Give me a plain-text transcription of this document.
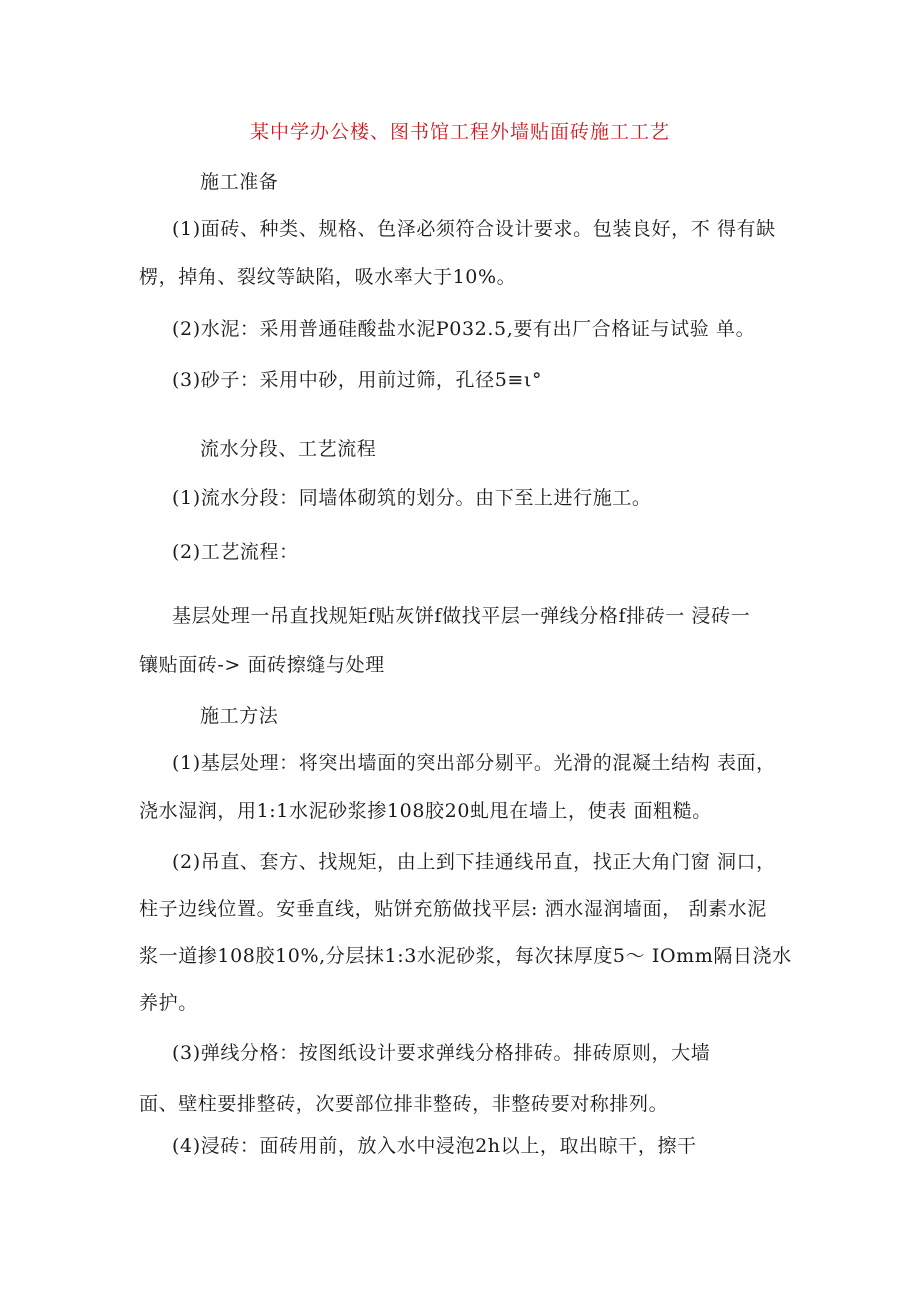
某中学办公楼、图书馆工程外墙贴面砖施工工艺
施工准备
(1)面砖、种类、规格、色泽必须符合设计要求。包装良好，不 得有缺
楞，掉角、裂纹等缺陷，吸水率大于10%。
(2)水泥：采用普通硅酸盐水泥P032.5,要有出厂合格证与试验 单。
(3)砂子：采用中砂，用前过筛，孔径5≡ι°
流水分段、工艺流程
(1)流水分段：同墙体砌筑的划分。由下至上进行施工。
(2)工艺流程：
基层处理一吊直找规矩f贴灰饼f做找平层一弹线分格f排砖一 浸砖一
镶贴面砖-> 面砖擦缝与处理
施工方法
(1)基层处理：将突出墙面的突出部分剔平。光滑的混凝土结构 表面，
浇水湿润，用1:1水泥砂浆掺108胶20虬甩在墙上，使表 面粗糙。
(2)吊直、套方、找规矩，由上到下挂通线吊直，找正大角门窗 洞口，
柱子边线位置。安垂直线，贴饼充筋做找平层: 洒水湿润墙面， 刮素水泥
浆一道掺108胶10%,分层抹1:3水泥砂浆，每次抹厚度5～ IOmm隔日浇水
养护。
(3)弹线分格：按图纸设计要求弹线分格排砖。排砖原则，大墙
面、壁柱要排整砖，次要部位排非整砖，非整砖要对称排列。
(4)浸砖：面砖用前，放入水中浸泡2h以上，取出晾干，擦干
